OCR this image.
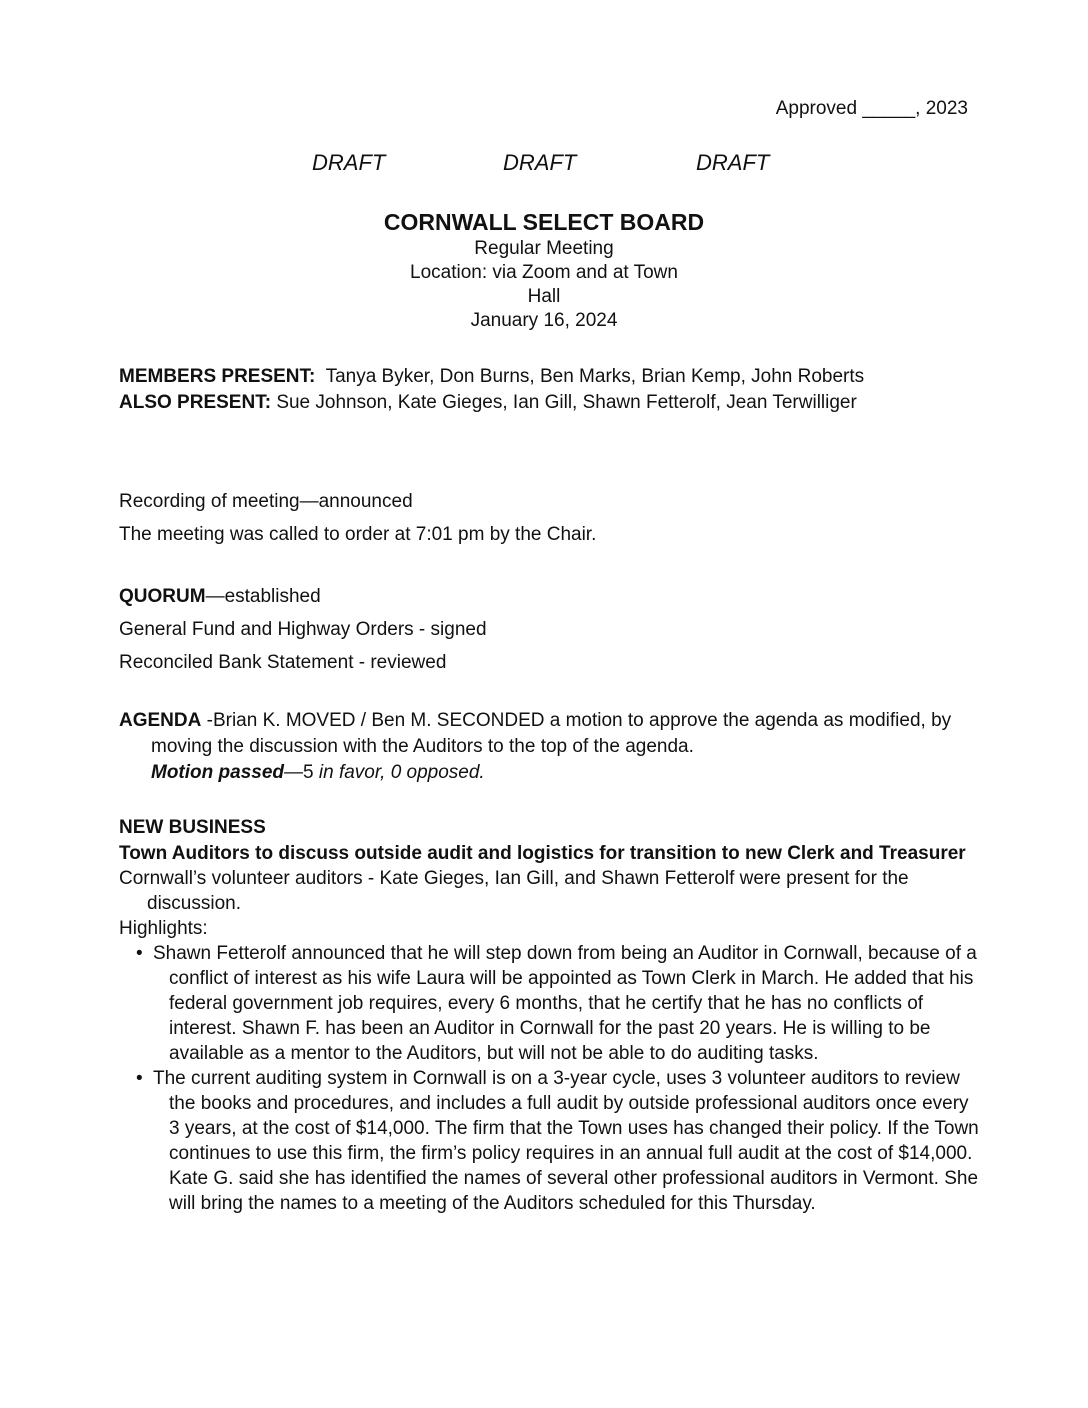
Approved _____, 2023
DRAFT	DRAFT	DRAFT
CORNWALL SELECT BOARD
Regular Meeting
Location: via Zoom and at Town
Hall
January 16, 2024
MEMBERS PRESENT: Tanya Byker, Don Burns, Ben Marks, Brian Kemp, John Roberts
ALSO PRESENT: Sue Johnson, Kate Gieges, Ian Gill, Shawn Fetterolf, Jean Terwilliger
Recording of meeting—announced
The meeting was called to order at 7:01 pm by the Chair.
QUORUM—established
General Fund and Highway Orders - signed
Reconciled Bank Statement - reviewed
AGENDA -Brian K. MOVED / Ben M. SECONDED a motion to approve the agenda as modified, by moving the discussion with the Auditors to the top of the agenda.
Motion passed—5 in favor, 0 opposed.
NEW BUSINESS
Town Auditors to discuss outside audit and logistics for transition to new Clerk and Treasurer
Cornwall’s volunteer auditors - Kate Gieges, Ian Gill, and Shawn Fetterolf were present for the discussion.
Highlights:
• Shawn Fetterolf announced that he will step down from being an Auditor in Cornwall, because of a conflict of interest as his wife Laura will be appointed as Town Clerk in March. He added that his federal government job requires, every 6 months, that he certify that he has no conflicts of interest. Shawn F. has been an Auditor in Cornwall for the past 20 years. He is willing to be available as a mentor to the Auditors, but will not be able to do auditing tasks.
• The current auditing system in Cornwall is on a 3-year cycle, uses 3 volunteer auditors to review the books and procedures, and includes a full audit by outside professional auditors once every 3 years, at the cost of $14,000. The firm that the Town uses has changed their policy. If the Town continues to use this firm, the firm’s policy requires in an annual full audit at the cost of $14,000. Kate G. said she has identified the names of several other professional auditors in Vermont. She will bring the names to a meeting of the Auditors scheduled for this Thursday.
